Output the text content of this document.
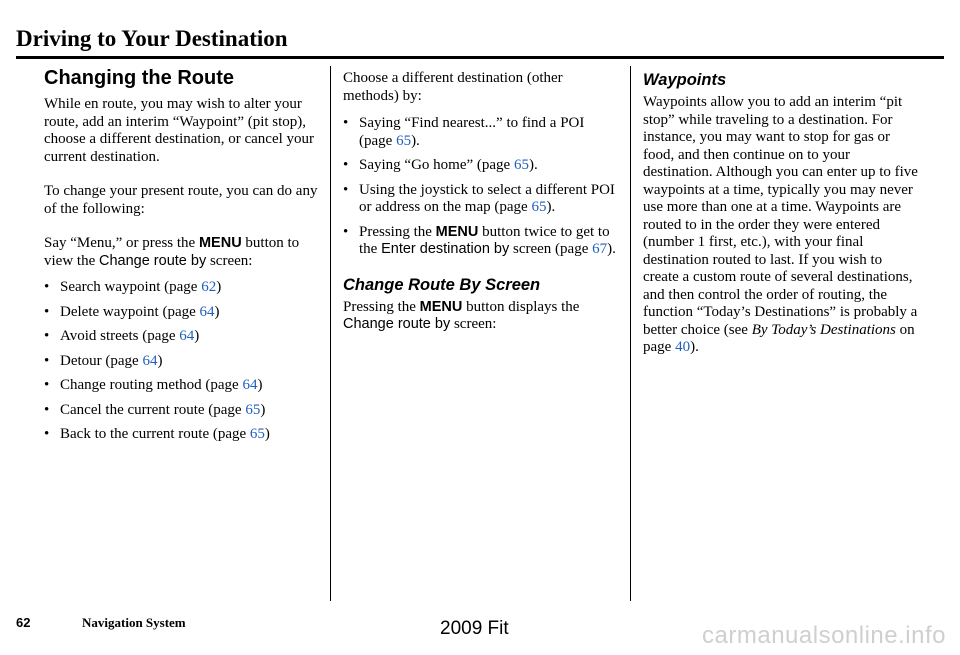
Driving to Your Destination
Changing the Route

While en route, you may wish to alter your route, add an interim “Waypoint” (pit stop), choose a different destination, or cancel your current destination.

To change your present route, you can do any of the following:

Say “Menu,” or press the MENU button to view the Change route by screen:

• Search waypoint (page 62)
• Delete waypoint (page 64)
• Avoid streets (page 64)
• Detour (page 64)
• Change routing method (page 64)
• Cancel the current route (page 65)
• Back to the current route (page 65)

Choose a different destination (other methods) by:

• Saying “Find nearest...” to find a POI (page 65).
• Saying “Go home” (page 65).
• Using the joystick to select a different POI or address on the map (page 65).
• Pressing the MENU button twice to get to the Enter destination by screen (page 67).
Change Route By Screen

Pressing the MENU button displays the Change route by screen:

Waypoints

Waypoints allow you to add an interim “pit stop” while traveling to a destination. For instance, you may want to stop for gas or food, and then continue on to your destination. Although you can enter up to five waypoints at a time, typically you may never use more than one at a time. Waypoints are routed to in the order they were entered (number 1 first, etc.), with your final destination routed to last. If you wish to create a custom route of several destinations, and then control the order of routing, the function “Today’s Destinations” is probably a better choice (see By Today’s Destinations on page 40).

62	Navigation System	2009 Fit	carmanualsonline.info
